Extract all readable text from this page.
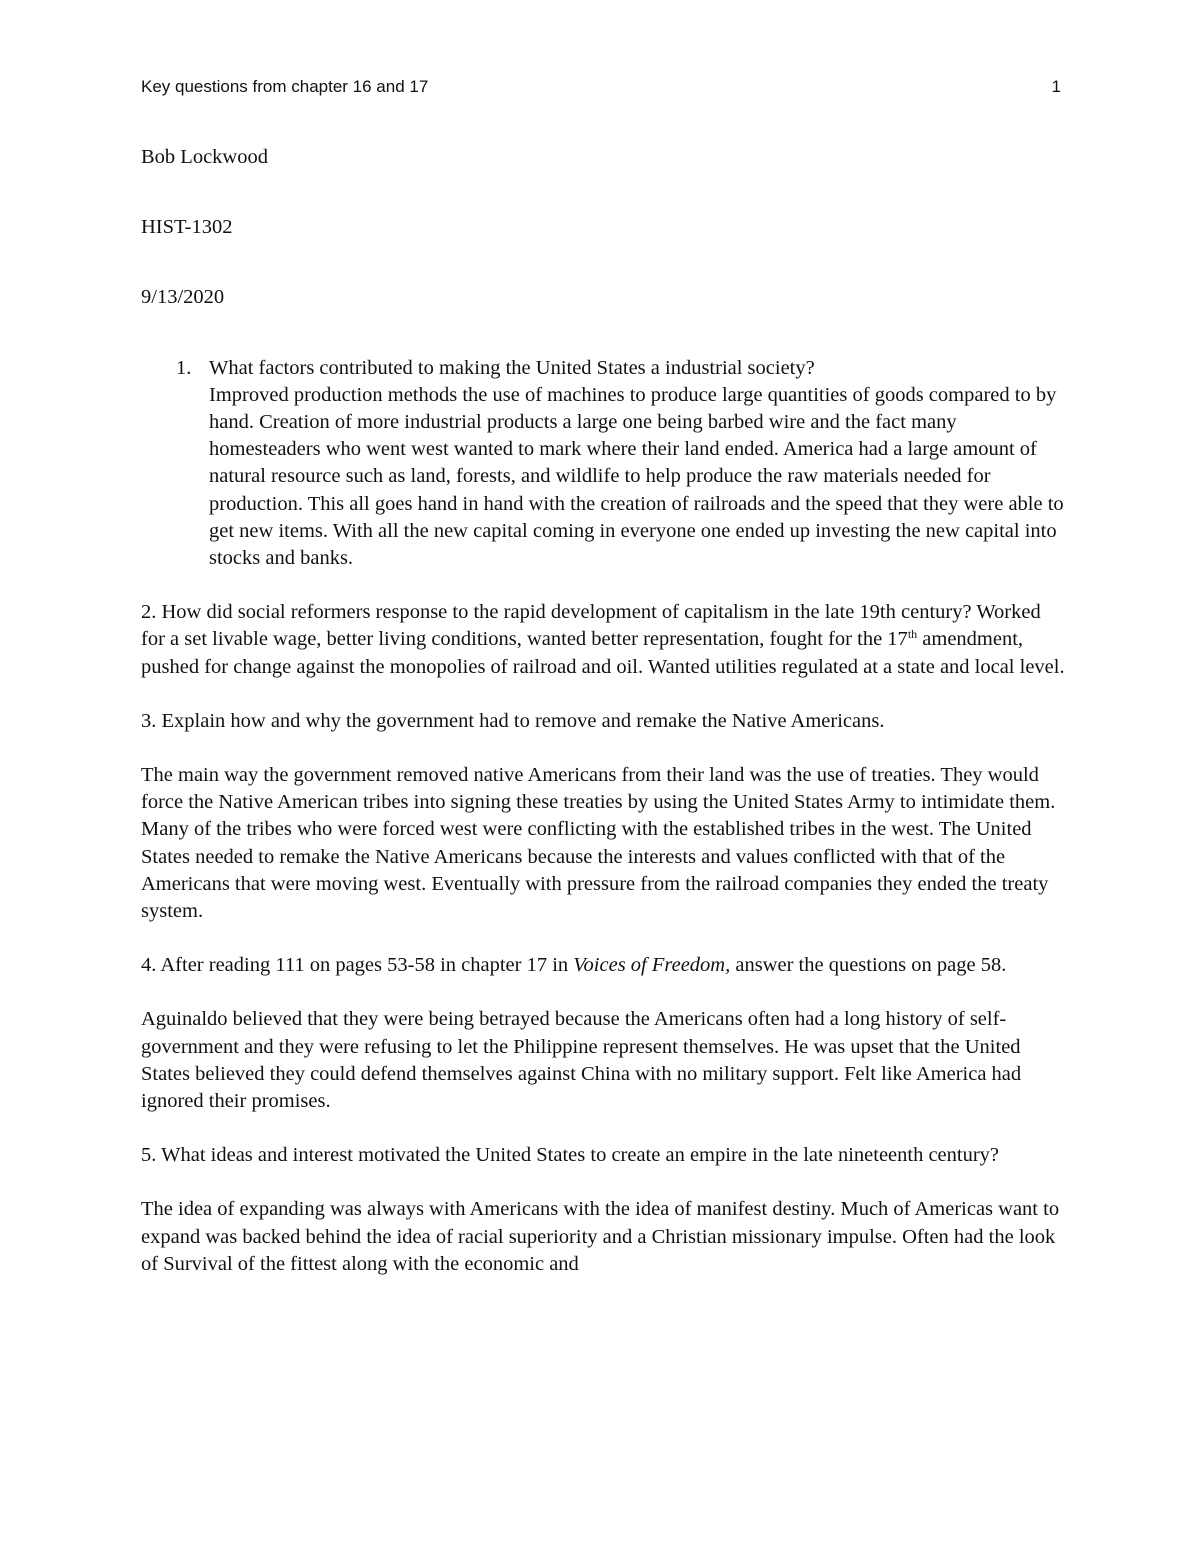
Key questions from chapter 16 and 17	1

Bob Lockwood

HIST-1302

9/13/2020

1. What factors contributed to making the United States a industrial society?
Improved production methods the use of machines to produce large quantities of goods compared to by hand. Creation of more industrial products a large one being barbed wire and the fact many homesteaders who went west wanted to mark where their land ended. America had a large amount of natural resource such as land, forests, and wildlife to help produce the raw materials needed for production. This all goes hand in hand with the creation of railroads and the speed that they were able to get new items. With all the new capital coming in everyone one ended up investing the new capital into stocks and banks.

2. How did social reformers response to the rapid development of capitalism in the late 19th century? Worked for a set livable wage, better living conditions, wanted better representation, fought for the 17th amendment, pushed for change against the monopolies of railroad and oil. Wanted utilities regulated at a state and local level.

3. Explain how and why the government had to remove and remake the Native Americans.

The main way the government removed native Americans from their land was the use of treaties. They would force the Native American tribes into signing these treaties by using the United States Army to intimidate them. Many of the tribes who were forced west were conflicting with the established tribes in the west. The United States needed to remake the Native Americans because the interests and values conflicted with that of the Americans that were moving west. Eventually with pressure from the railroad companies they ended the treaty system.

4. After reading 111 on pages 53-58 in chapter 17 in Voices of Freedom, answer the questions on page 58.

Aguinaldo believed that they were being betrayed because the Americans often had a long history of self-government and they were refusing to let the Philippine represent themselves. He was upset that the United States believed they could defend themselves against China with no military support. Felt like America had ignored their promises.

5. What ideas and interest motivated the United States to create an empire in the late nineteenth century?

The idea of expanding was always with Americans with the idea of manifest destiny. Much of Americas want to expand was backed behind the idea of racial superiority and a Christian missionary impulse. Often had the look of Survival of the fittest along with the economic and
